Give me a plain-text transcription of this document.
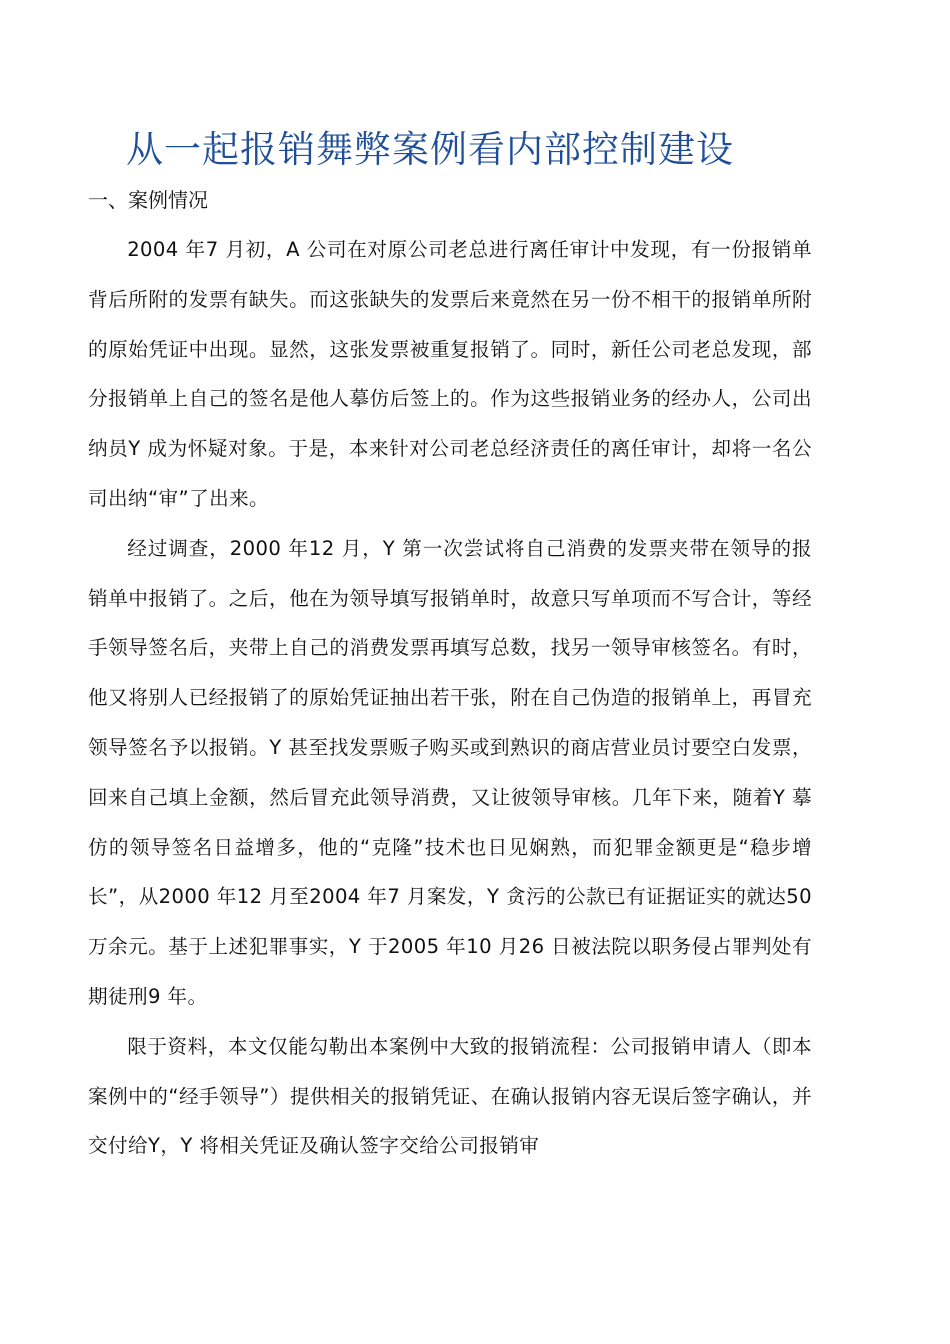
从一起报销舞弊案例看内部控制建设
一、案例情况

2004 年7 月初，A 公司在对原公司老总进行离任审计中发现，有一份报销单背后所附的发票有缺失。而这张缺失的发票后来竟然在另一份不相干的报销单所附的原始凭证中出现。显然，这张发票被重复报销了。同时，新任公司老总发现，部分报销单上自己的签名是他人摹仿后签上的。作为这些报销业务的经办人，公司出纳员Y 成为怀疑对象。于是，本来针对公司老总经济责任的离任审计，却将一名公司出纳“审”了出来。

经过调查，2000 年12 月，Y 第一次尝试将自己消费的发票夹带在领导的报销单中报销了。之后，他在为领导填写报销单时，故意只写单项而不写合计，等经手领导签名后，夹带上自己的消费发票再填写总数，找另一领导审核签名。有时，他又将别人已经报销了的原始凭证抽出若干张，附在自己伪造的报销单上，再冒充领导签名予以报销。Y 甚至找发票贩子购买或到熟识的商店营业员讨要空白发票，回来自己填上金额，然后冒充此领导消费，又让彼领导审核。几年下来，随着Y 摹仿的领导签名日益增多，他的“克隆”技术也日见娴熟，而犯罪金额更是“稳步增长”，从2000 年12 月至2004 年7 月案发，Y 贪污的公款已有证据证实的就达50 万余元。基于上述犯罪事实，Y 于2005 年10 月26 日被法院以职务侵占罪判处有期徒刑9 年。

限于资料，本文仅能勾勒出本案例中大致的报销流程：公司报销申请人（即本案例中的“经手领导”）提供相关的报销凭证、在确认报销内容无误后签字确认，并交付给Y，Y 将相关凭证及确认签字交给公司报销审
